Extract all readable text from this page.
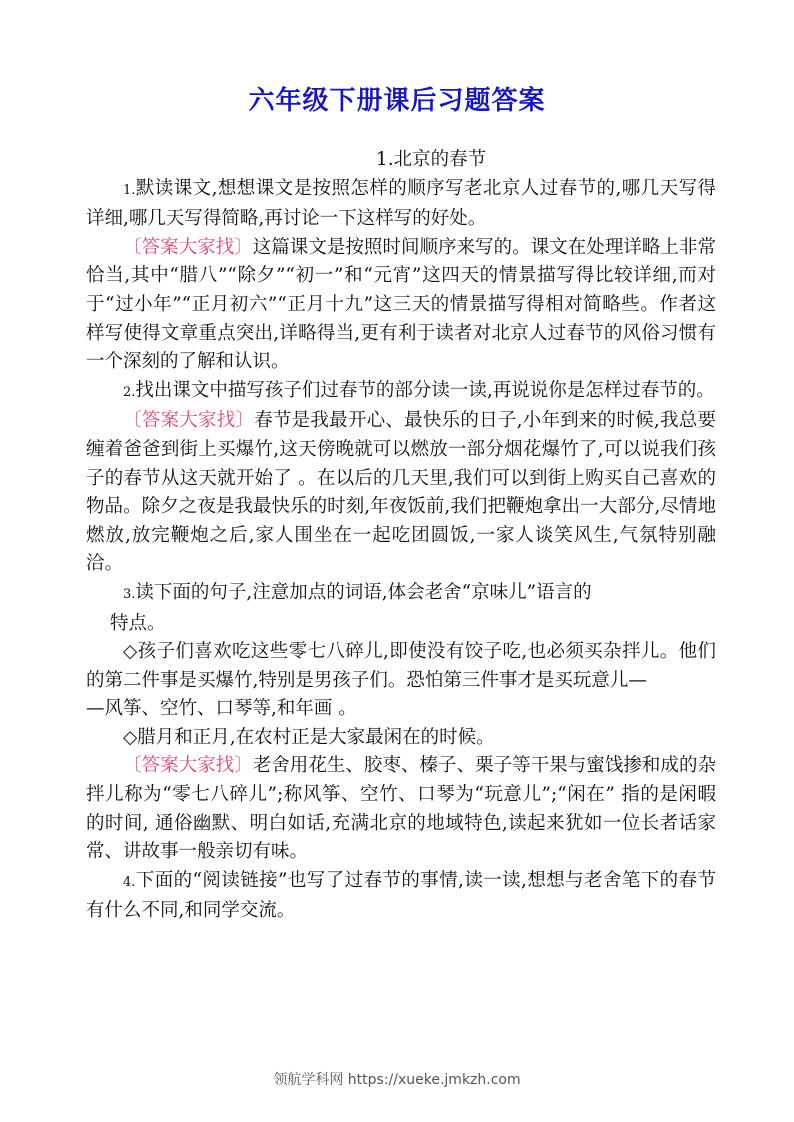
六年级下册课后习题答案

1.北京的春节

1.默读课文,想想课文是按照怎样的顺序写老北京人过春节的,哪几天写得详细,哪几天写得简略,再讨论一下这样写的好处。

〔答案大家找〕这篇课文是按照时间顺序来写的。课文在处理详略上非常恰当,其中“腊八”“除夕”“初一”和“元宵”这四天的情景描写得比较详细,而对于“过小年”“正月初六”“正月十九”这三天的情景描写得相对简略些。作者这样写使得文章重点突出,详略得当,更有利于读者对北京人过春节的风俗习惯有一个深刻的了解和认识。

2.找出课文中描写孩子们过春节的部分读一读,再说说你是怎样过春节的。

〔答案大家找〕春节是我最开心、最快乐的日子,小年到来的时候,我总要缠着爸爸到街上买爆竹,这天傍晚就可以燃放一部分烟花爆竹了,可以说我们孩子的春节从这天就开始了 。在以后的几天里,我们可以到街上购买自己喜欢的物品。除夕之夜是我最快乐的时刻,年夜饭前,我们把鞭炮拿出一大部分,尽情地燃放,放完鞭炮之后,家人围坐在一起吃团圆饭,一家人谈笑风生,气氛特别融洽。

3.读下面的句子,注意加点的词语,体会老舍“京味儿”语言的
特点。

◇孩子们喜欢吃这些零七八碎儿,即使没有饺子吃,也必须买杂拌儿。他们的第二件事是买爆竹,特别是男孩子们。恐怕第三件事才是买玩意儿—

—风筝、空竹、口琴等,和年画 。

◇腊月和正月,在农村正是大家最闲在的时候。

〔答案大家找〕老舍用花生、胶枣、榛子、栗子等干果与蜜饯掺和成的杂拌儿称为“零七八碎儿”;称风筝、空竹、口琴为“玩意儿”;“闲在” 指的是闲暇的时间, 通俗幽默、明白如话,充满北京的地域特色,读起来犹如一位长者话家常、讲故事一般亲切有味。

4.下面的“阅读链接”也写了过春节的事情,读一读,想想与老舍笔下的春节有什么不同,和同学交流。

领航学科网 https://xueke.jmkzh.com
